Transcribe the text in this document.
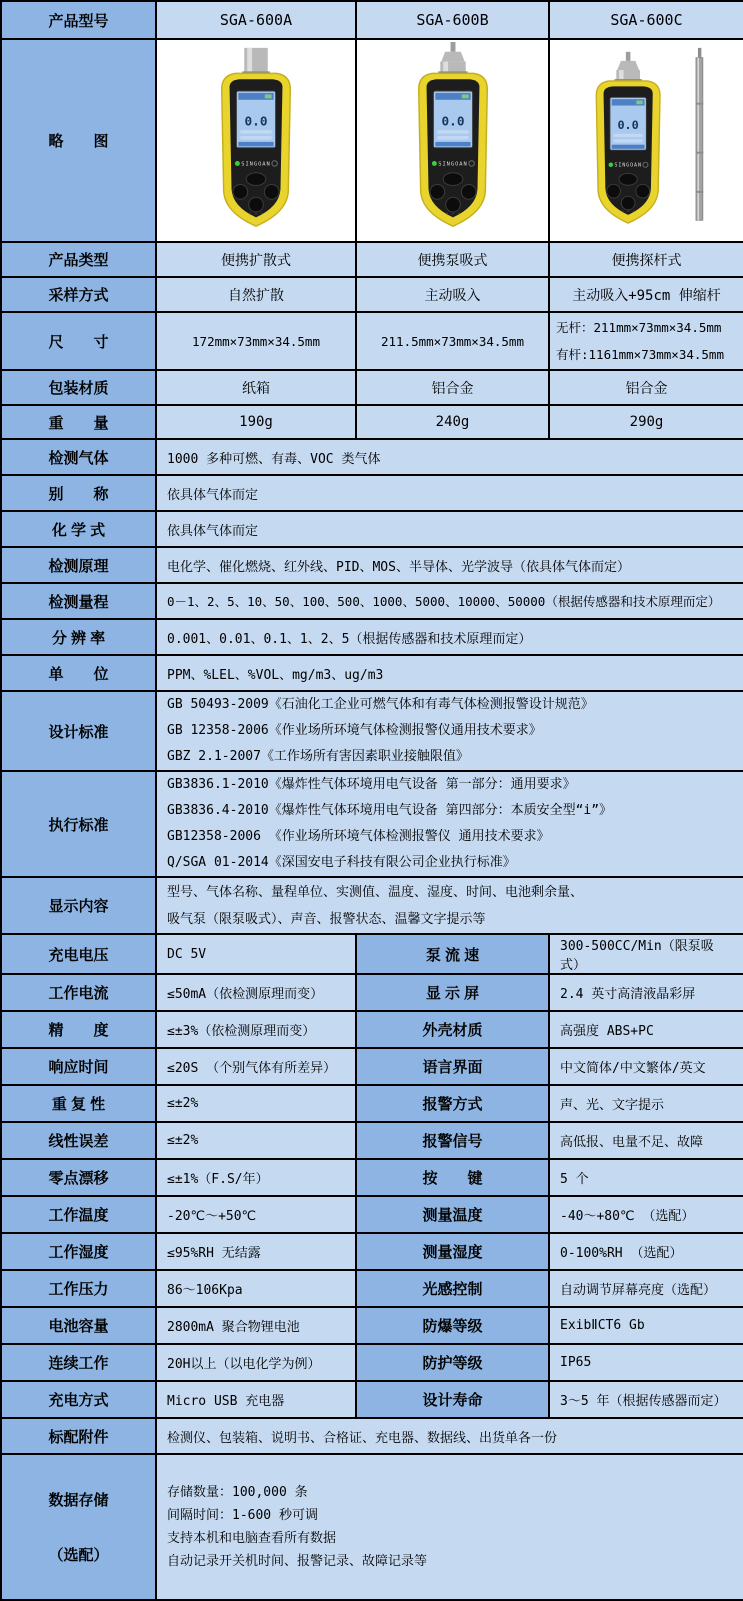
产品型号	SGA-600A	SGA-600B	SGA-600C
略　　图	0.0
SINGOAN	0.0
SINGOAN	0.0
SINGOAN

产品类型	便携扩散式	便携泵吸式	便携探杆式
采样方式	自然扩散	主动吸入	主动吸入+95cm 伸缩杆
尺　　寸	172mm×73mm×34.5mm	211.5mm×73mm×34.5mm	无杆：211mm×73mm×34.5mm
有杆:1161mm×73mm×34.5mm

包装材质	纸箱	铝合金	铝合金
重　　量	190g	240g	290g
检测气体	1000 多种可燃、有毒、VOC 类气体		
别　　称	依具体气体而定		
化 学 式	依具体气体而定		
检测原理	电化学、催化燃烧、红外线、PID、MOS、半导体、光学波导（依具体气体而定）		
检测量程	0－1、2、5、10、50、100、500、1000、5000、10000、50000（根据传感器和技术原理而定）		
分 辨 率	0.001、0.01、0.1、1、2、5（根据传感器和技术原理而定）		
单　　位	PPM、%LEL、%VOL、mg/m3、ug/m3		
设计标准	GB 50493-2009《石油化工企业可燃气体和有毒气体检测报警设计规范》
GB 12358-2006《作业场所环境气体检测报警仪通用技术要求》
GBZ 2.1-2007《工作场所有害因素职业接触限值》		

执行标准	GB3836.1-2010《爆炸性气体环境用电气设备 第一部分：通用要求》
GB3836.4-2010《爆炸性气体环境用电气设备 第四部分：本质安全型“i”》
GB12358-2006 《作业场所环境气体检测报警仪 通用技术要求》
Q/SGA 01-2014《深国安电子科技有限公司企业执行标准》		

显示内容	型号、气体名称、量程单位、实测值、温度、湿度、时间、电池剩余量、
吸气泵（限泵吸式）、声音、报警状态、温馨文字提示等		

充电电压	DC 5V	泵 流 速	300-500CC/Min（限泵吸式）
工作电流	≤50mA（依检测原理而变）	显 示 屏	2.4 英寸高清液晶彩屏
精　　度	≤±3%（依检测原理而变）	外壳材质	高强度 ABS+PC
响应时间	≤20S （个别气体有所差异）	语言界面	中文简体/中文繁体/英文
重 复 性	≤±2%	报警方式	声、光、文字提示
线性误差	≤±2%	报警信号	高低报、电量不足、故障
零点漂移	≤±1%（F.S/年）	按　　键	5 个
工作温度	-20℃～+50℃	测量温度	-40～+80℃ （选配）
工作湿度	≤95%RH 无结露	测量湿度	0-100%RH （选配）
工作压力	86～106Kpa	光感控制	自动调节屏幕亮度（选配）
电池容量	2800mA 聚合物锂电池	防爆等级	ExibⅡCT6 Gb
连续工作	20H以上（以电化学为例）	防护等级	IP65
充电方式	Micro USB 充电器	设计寿命	3～5 年（根据传感器而定）
标配附件	检测仪、包装箱、说明书、合格证、充电器、数据线、出货单各一份		

数据存储

（选配）

存储数量：100,000 条
间隔时间：1-600 秒可调
支持本机和电脑查看所有数据
自动记录开关机时间、报警记录、故障记录等
